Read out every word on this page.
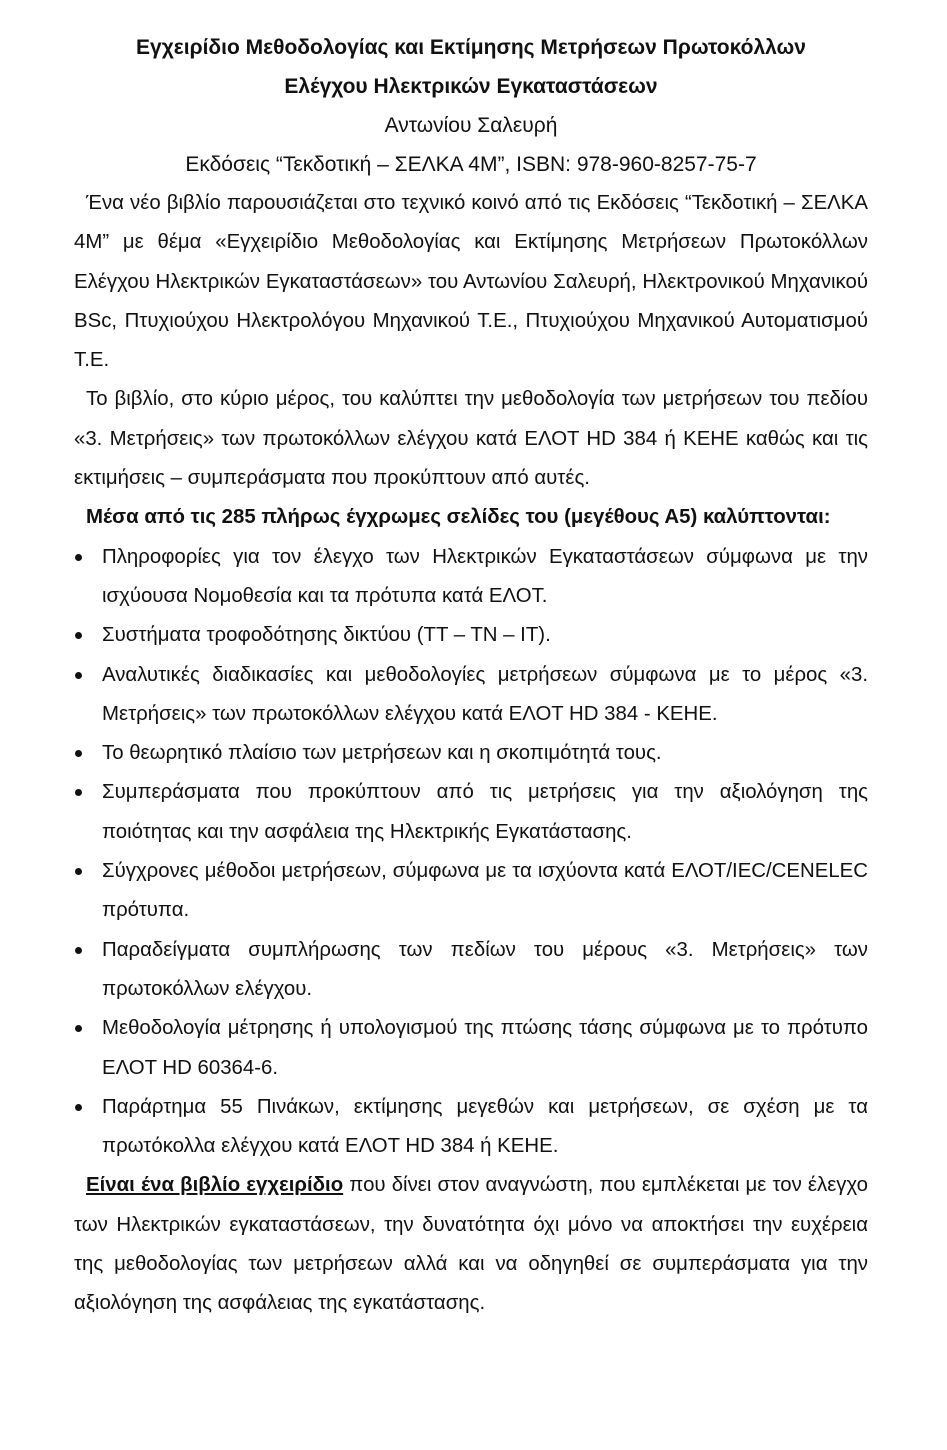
Εγχειρίδιο Μεθοδολογίας και Εκτίμησης Μετρήσεων Πρωτοκόλλων

Ελέγχου Ηλεκτρικών Εγκαταστάσεων

Αντωνίου Σαλευρή

Εκδόσεις “Τεκδοτική – ΣΕΛΚΑ 4Μ”, ISBN: 978-960-8257-75-7

Ένα νέο βιβλίο παρουσιάζεται στο τεχνικό κοινό από τις Εκδόσεις “Τεκδοτική – ΣΕΛΚΑ 4Μ” με θέμα «Εγχειρίδιο Μεθοδολογίας και Εκτίμησης Μετρήσεων Πρωτοκόλλων Ελέγχου Ηλεκτρικών Εγκαταστάσεων» του Αντωνίου Σαλευρή, Ηλεκτρονικού Μηχανικού BSc, Πτυχιούχου Ηλεκτρολόγου Μηχανικού Τ.Ε., Πτυχιούχου Μηχανικού Αυτοματισμού Τ.Ε.

Το βιβλίο, στο κύριο μέρος, του καλύπτει την μεθοδολογία των μετρήσεων του πεδίου «3. Μετρήσεις» των πρωτοκόλλων ελέγχου κατά ΕΛΟΤ HD 384 ή ΚΕΗΕ καθώς και τις εκτιμήσεις – συμπεράσματα που προκύπτουν από αυτές.

Μέσα από τις 285 πλήρως έγχρωμες σελίδες του (μεγέθους Α5) καλύπτονται:

Πληροφορίες για τον έλεγχο των Ηλεκτρικών Εγκαταστάσεων σύμφωνα με την ισχύουσα Νομοθεσία και τα πρότυπα κατά ΕΛΟΤ.
Συστήματα τροφοδότησης δικτύου (ΤΤ – ΤΝ – ΙΤ).
Αναλυτικές διαδικασίες και μεθοδολογίες μετρήσεων σύμφωνα με το μέρος «3. Μετρήσεις» των πρωτοκόλλων ελέγχου κατά ΕΛΟΤ HD 384 - ΚΕΗΕ.
Το θεωρητικό πλαίσιο των μετρήσεων και η σκοπιμότητά τους.
Συμπεράσματα που προκύπτουν από τις μετρήσεις για την αξιολόγηση της ποιότητας και την ασφάλεια της Ηλεκτρικής Εγκατάστασης.
Σύγχρονες μέθοδοι μετρήσεων, σύμφωνα με τα ισχύοντα κατά ΕΛΟΤ/IEC/CENELEC πρότυπα.
Παραδείγματα συμπλήρωσης των πεδίων του μέρους «3. Μετρήσεις» των πρωτοκόλλων ελέγχου.
Μεθοδολογία μέτρησης ή υπολογισμού της πτώσης τάσης σύμφωνα με το πρότυπο ΕΛΟΤ HD 60364-6.
Παράρτημα 55 Πινάκων, εκτίμησης μεγεθών και μετρήσεων, σε σχέση με τα πρωτόκολλα ελέγχου κατά ΕΛΟΤ HD 384 ή ΚΕΗΕ.

Είναι ένα βιβλίο εγχειρίδιο που δίνει στον αναγνώστη, που εμπλέκεται με τον έλεγχο των Ηλεκτρικών εγκαταστάσεων, την δυνατότητα όχι μόνο να αποκτήσει την ευχέρεια της μεθοδολογίας των μετρήσεων αλλά και να οδηγηθεί σε συμπεράσματα για την αξιολόγηση της ασφάλειας της εγκατάστασης.
